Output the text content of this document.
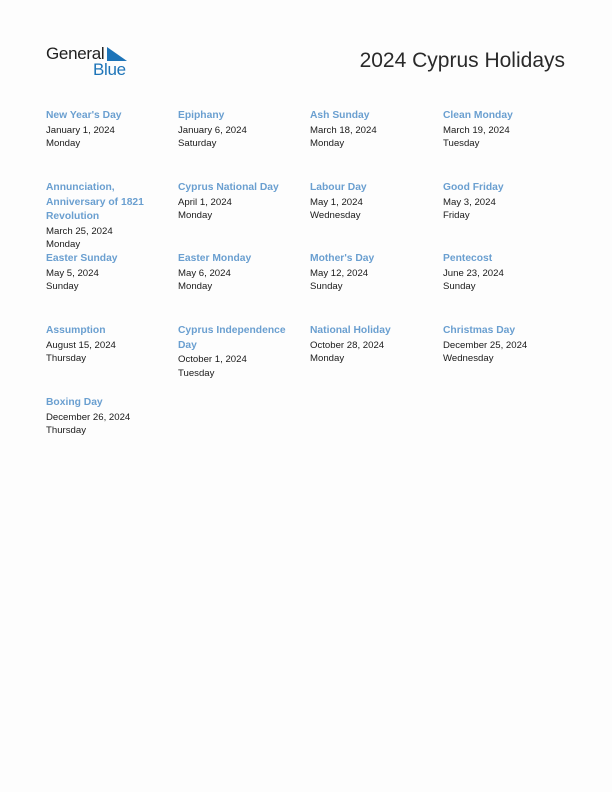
General
Blue	2024 Cyprus Holidays
New Year's Day
January 1, 2024
Monday
Epiphany
January 6, 2024
Saturday
Ash Sunday
March 18, 2024
Monday
Clean Monday
March 19, 2024
Tuesday
Annunciation, Anniversary of 1821 Revolution
March 25, 2024
Monday
Cyprus National Day
April 1, 2024
Monday
Labour Day
May 1, 2024
Wednesday
Good Friday
May 3, 2024
Friday
Easter Sunday
May 5, 2024
Sunday
Easter Monday
May 6, 2024
Monday
Mother's Day
May 12, 2024
Sunday
Pentecost
June 23, 2024
Sunday
Assumption
August 15, 2024
Thursday
Cyprus Independence Day
October 1, 2024
Tuesday
National Holiday
October 28, 2024
Monday
Christmas Day
December 25, 2024
Wednesday
Boxing Day
December 26, 2024
Thursday
